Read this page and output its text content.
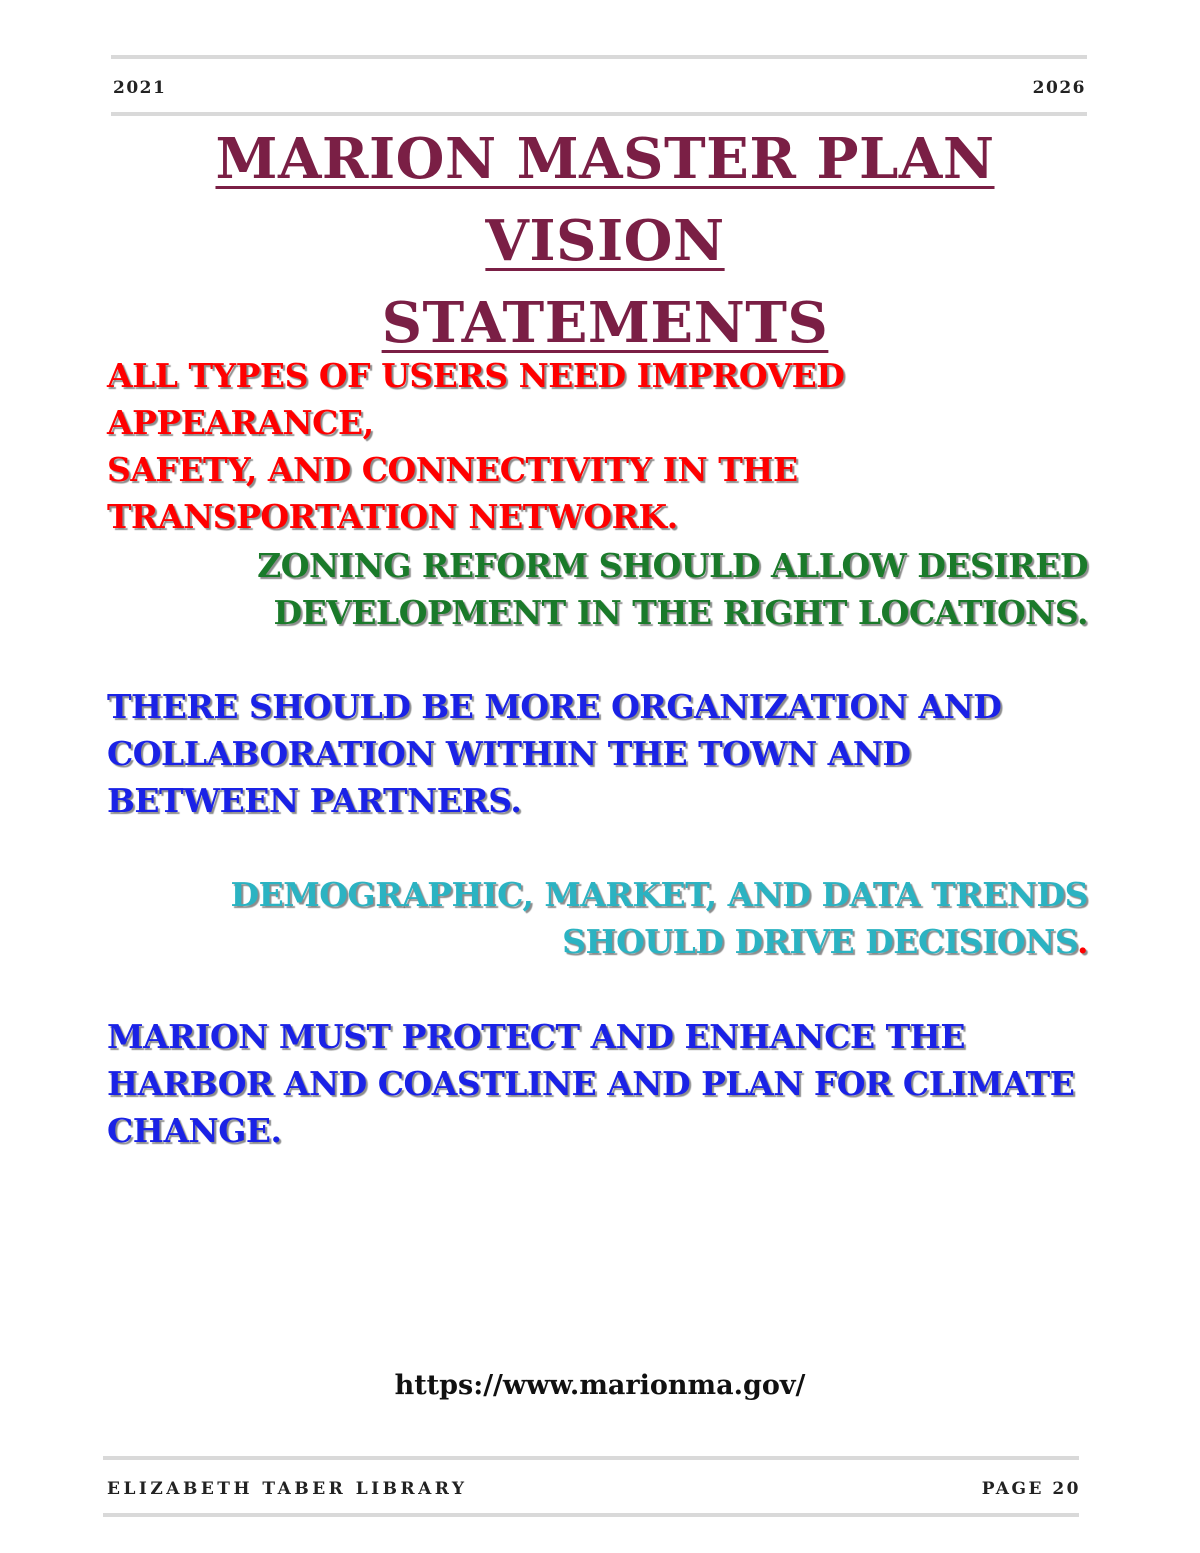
2021	2026
MARION MASTER PLAN VISION
STATEMENTS
ALL TYPES OF USERS NEED IMPROVED APPEARANCE,
SAFETY, AND CONNECTIVITY IN THE
TRANSPORTATION NETWORK.
ZONING REFORM SHOULD ALLOW DESIRED
DEVELOPMENT IN THE RIGHT LOCATIONS.
THERE SHOULD BE MORE ORGANIZATION AND
COLLABORATION WITHIN THE TOWN AND
BETWEEN PARTNERS.
DEMOGRAPHIC, MARKET, AND DATA TRENDS
SHOULD DRIVE DECISIONS.
MARION MUST PROTECT AND ENHANCE THE
HARBOR AND COASTLINE AND PLAN FOR CLIMATE
CHANGE.
https://www.marionma.gov/
ELIZABETH TABER LIBRARY	PAGE 20
